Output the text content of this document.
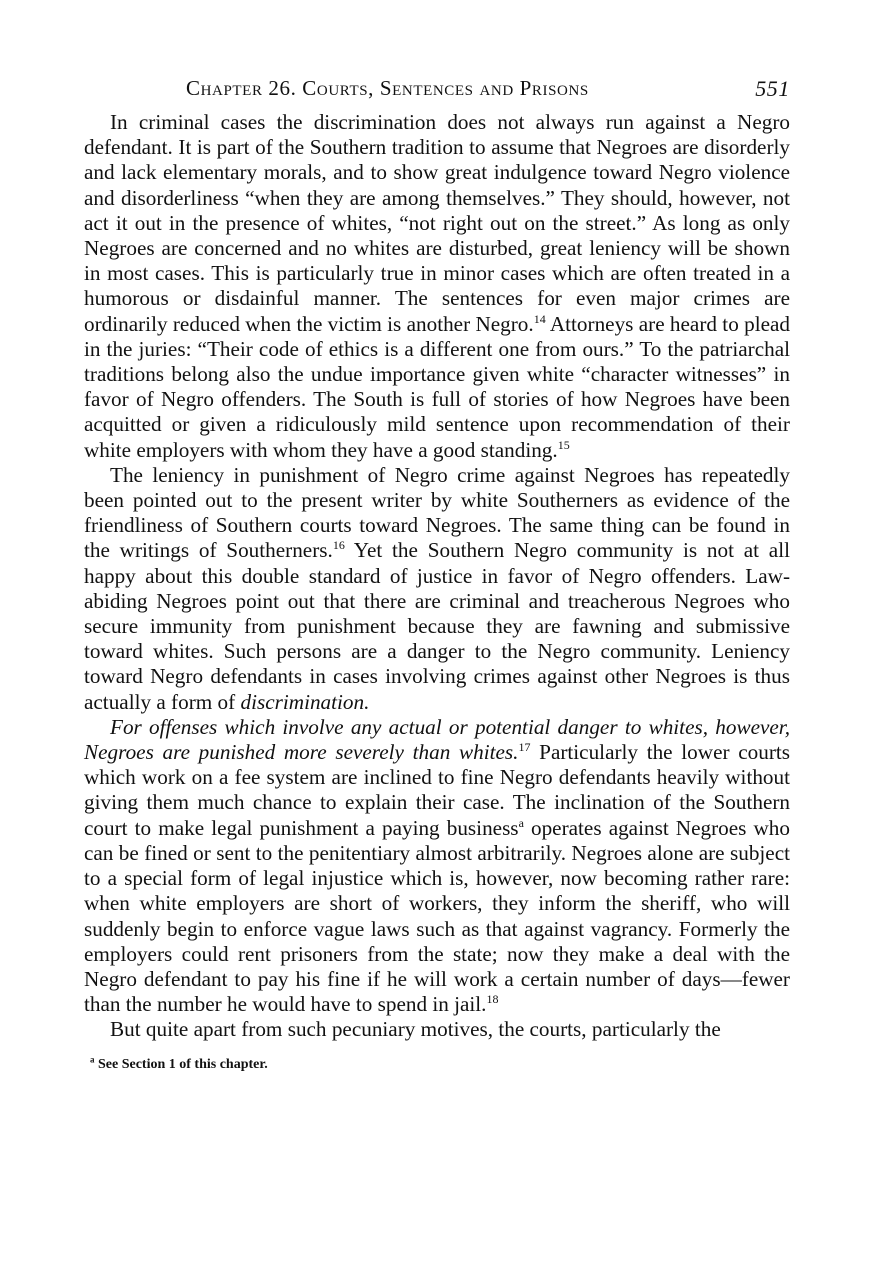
Chapter 26. Courts, Sentences and Prisons	551

In criminal cases the discrimination does not always run against a Negro defendant. It is part of the Southern tradition to assume that Negroes are disorderly and lack elementary morals, and to show great indulgence toward Negro violence and disorderliness “when they are among themselves.” They should, however, not act it out in the presence of whites, “not right out on the street.” As long as only Negroes are concerned and no whites are disturbed, great leniency will be shown in most cases. This is particularly true in minor cases which are often treated in a humorous or disdainful manner. The sentences for even major crimes are ordinarily reduced when the victim is another Negro.$^{14}$ Attorneys are heard to plead in the juries: “Their code of ethics is a different one from ours.” To the patriarchal traditions belong also the undue importance given white “character witnesses” in favor of Negro offenders. The South is full of stories of how Negroes have been acquitted or given a ridiculously mild sentence upon recommendation of their white employers with whom they have a good standing.$^{15}$

The leniency in punishment of Negro crime against Negroes has repeatedly been pointed out to the present writer by white Southerners as evidence of the friendliness of Southern courts toward Negroes. The same thing can be found in the writings of Southerners.$^{16}$ Yet the Southern Negro community is not at all happy about this double standard of justice in favor of Negro offenders. Law-abiding Negroes point out that there are criminal and treacherous Negroes who secure immunity from punishment because they are fawning and submissive toward whites. Such persons are a danger to the Negro community. Leniency toward Negro defendants in cases involving crimes against other Negroes is thus actually a form of discrimination.

For offenses which involve any actual or potential danger to whites, however, Negroes are punished more severely than whites.$^{17}$ Particularly the lower courts which work on a fee system are inclined to fine Negro defendants heavily without giving them much chance to explain their case. The inclination of the Southern court to make legal punishment a paying business$^a$ operates against Negroes who can be fined or sent to the penitentiary almost arbitrarily. Negroes alone are subject to a special form of legal injustice which is, however, now becoming rather rare: when white employers are short of workers, they inform the sheriff, who will suddenly begin to enforce vague laws such as that against vagrancy. Formerly the employers could rent prisoners from the state; now they make a deal with the Negro defendant to pay his fine if he will work a certain number of days—fewer than the number he would have to spend in jail.$^{18}$

But quite apart from such pecuniary motives, the courts, particularly the

$^a$ See Section 1 of this chapter.
